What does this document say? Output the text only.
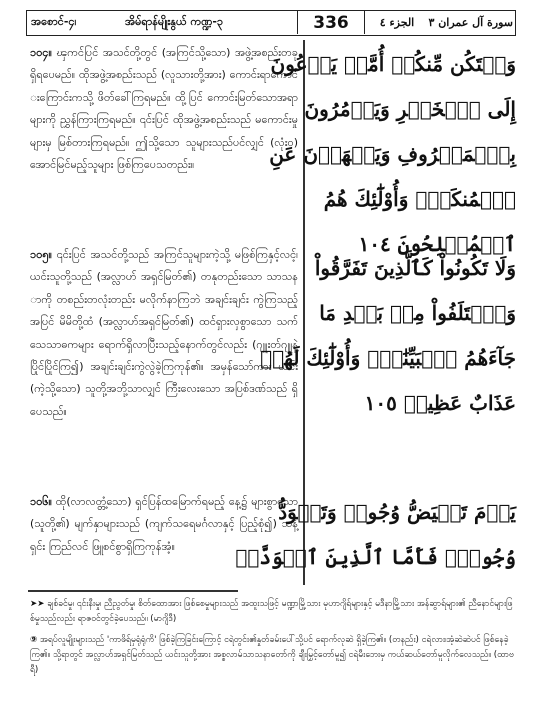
အစောင်-၄၊	အိမ်ရာန်မျိုးနွယ် ကဏ္ဍ-၃	336	الجزء ٤	سورة آل عمران ٣
၁၀၄။ ၾကင်ပြင် အသင်တို့တွင် (အကြင်သို့သော) အဖွဲ့အစည်းတခု ရှိရပေမည်။ ထိုအဖွဲ့အစည်းသည် (လူသားတို့အား) ကောင်းရာကောင်းကြောင်းကသို့ ဖိတ်ခေါ်ကြရမည်။ ထို့ပြင် ကောင်းမြတ်သောအရာများကို ညွှန်ကြားကြရမည်။ ၎င်းပြင် ထိုအဖွဲ့အစည်းသည် မကောင်းမှုများမှ မြစ်တားကြရမည်။ ဤသို့သော သူများသည်ပင်လျှင် (လုံး၀) အောင်မြင်မည့်သူများ ဖြစ်ကြပေသတည်း။
၁၀၅။ ၎င်းပြင် အသင်တို့သည် အကြင်သူများကဲ့သို့ မဖြစ်ကြနှင့်လင့်၊ ယင်းသူတို့သည် (အလ္လာဟ် အရှင်မြတ်၏) တနုတည်းသော သာသနာကို တစည်းတလုံးတည်း မလိုက်နာကြဘဲ အချင်းချင်း ကွဲကြသည့်အပြင် မိမိတို့ထံ (အလ္လာဟ်အရှင်မြတ်၏) ထင်ရှားလှစွာသော သက်သေသာဓကများ ရောက်ရှိလာပြီးသည့်နောက်တွင်လည်း (ဂျူးတ်ဂျူနဲ့ပြိုင်ပြိုင်ကြ၍) အချင်းချင်းကွဲလွဲခဲ့ကြကုန်၏။ အမှန်သော်ကား ယင်း(ကဲ့သို့သော) သူတို့အဘို့သာလျှင် ကြီးလေးသော အပြစ်ဒဏ်သည် ရှိပေသည်။
၁၀၆။ ထို(လာလတ္တံ့သော) ရှင်ပြန်ထမြောက်ရမည့် နေ့၌ များစွာသော (သူတို့၏) မျက်နှာများသည် (ကျက်သရေမင်္ဂလာနှင့် ပြည့်စုံ၍) သန့်ရှင်း ကြည်လင် ဖြူစင်စွာရှိကြကုန်အံ့။
وَلۡتَكُن مِّنكُمۡ أُمَّةٞ يَدۡعُونَ
إِلَى ٱلۡخَيۡرِ وَيَأۡمُرُونَ
بِٱلۡمَعۡرُوفِ وَيَنۡهَوۡنَ عَنِ
ٱلۡمُنكَرِۚ وَأُوْلَٰٓئِكَ هُمُ
ٱلۡمُفۡلِحُونَ ١٠٤
وَلَا تَكُونُواْ كَٱلَّذِينَ تَفَرَّقُواْ
وَٱخۡتَلَفُواْ مِنۢ بَعۡدِ مَا
جَآءَهُمُ ٱلۡبَيِّنَٰتُۚ وَأُوْلَٰٓئِكَ لَهُمۡ
عَذَابٌ عَظِيمٞ ١٠٥
يَوۡمَ تَبۡيَضُّ وُجُوهٞ وَتَسۡوَدُّ
وُجُوهٞۚ فَأَمَّا ٱلَّذِينَ ٱسۡوَدَّتۡ
➤➤ ချစ်ခင်မှု၊ ၎င်းနီးမှု၊ ညီညွတ်မှု၊ စိတ်ထောအား ဖြစ်စေမှုများသည် အထူးသဖြင့် မဏ္ဍာမြို့သား မုဟာဂျိရ်များနှင့် မဒီနာမြို့သား အန်ဆွာရ်များ၏ ညီနောင်များဖြစ်မှုသည်လည်း ရာဇဝင်တွင်ခဲ့ပေသည်။ (မာဂျိဒီ)
⑨ အရပ်လူမျိုးများသည် 'ကာဖိရ်မှရုံရုံကိ' ဖြစ်ခဲ့ကြခြင်းကြောင့် ငရဲတွင်း၏နှုတ်ခမ်းပေါ်သို့ပင် ရောက်လုဆဲ ရှိခဲ့ကြ၏။ (တနည်း) ငရဲလား၊အံ့ဆဲဆဲပင် ဖြစ်နေခဲ့ကြ၏။ သို့ရာတွင် အလ္လာဟ်အရှင်မြတ်သည် ယင်းသူတို့အား အစ္စလာမ်သာသနာတော်ကို ချီးမြှင့်တော်မူ၍ ငရဲမီးဘေးမှ ကယ်ဆယ်တော်မူလိုက်လေသည်။ (ထာဗရီ)
